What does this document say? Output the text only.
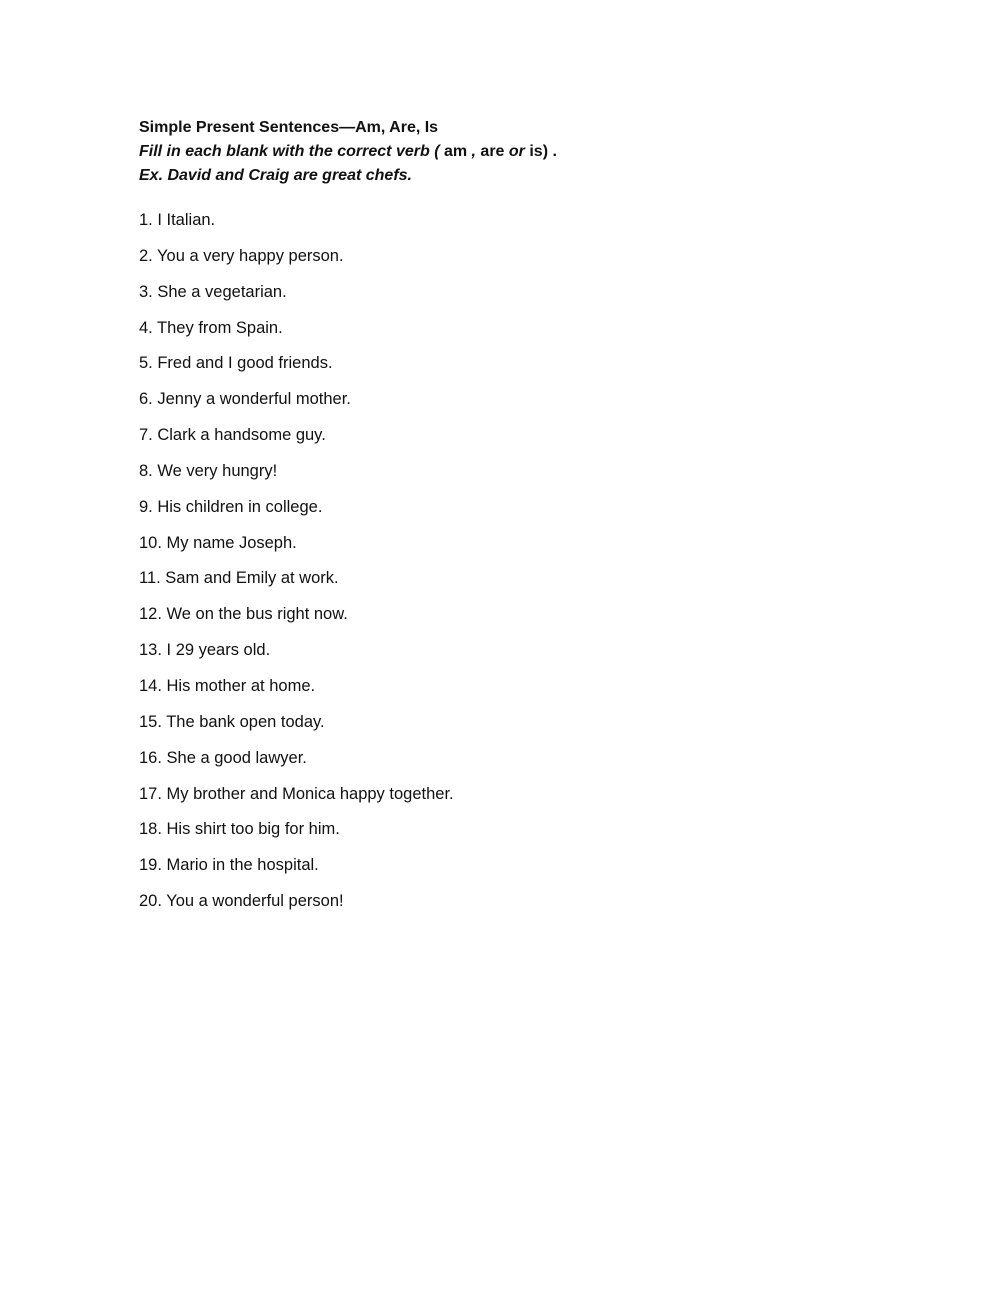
Simple Present Sentences—Am, Are, Is
Fill in each blank with the correct verb ( am , are or is) .
Ex. David and Craig are great chefs.
1. I Italian.
2. You a very happy person.
3. She a vegetarian.
4. They from Spain.
5. Fred and I good friends.
6. Jenny a wonderful mother.
7. Clark a handsome guy.
8. We very hungry!
9. His children in college.
10. My name Joseph.
11. Sam and Emily at work.
12. We on the bus right now.
13. I 29 years old.
14. His mother at home.
15. The bank open today.
16. She a good lawyer.
17. My brother and Monica happy together.
18. His shirt too big for him.
19. Mario in the hospital.
20. You a wonderful person!
